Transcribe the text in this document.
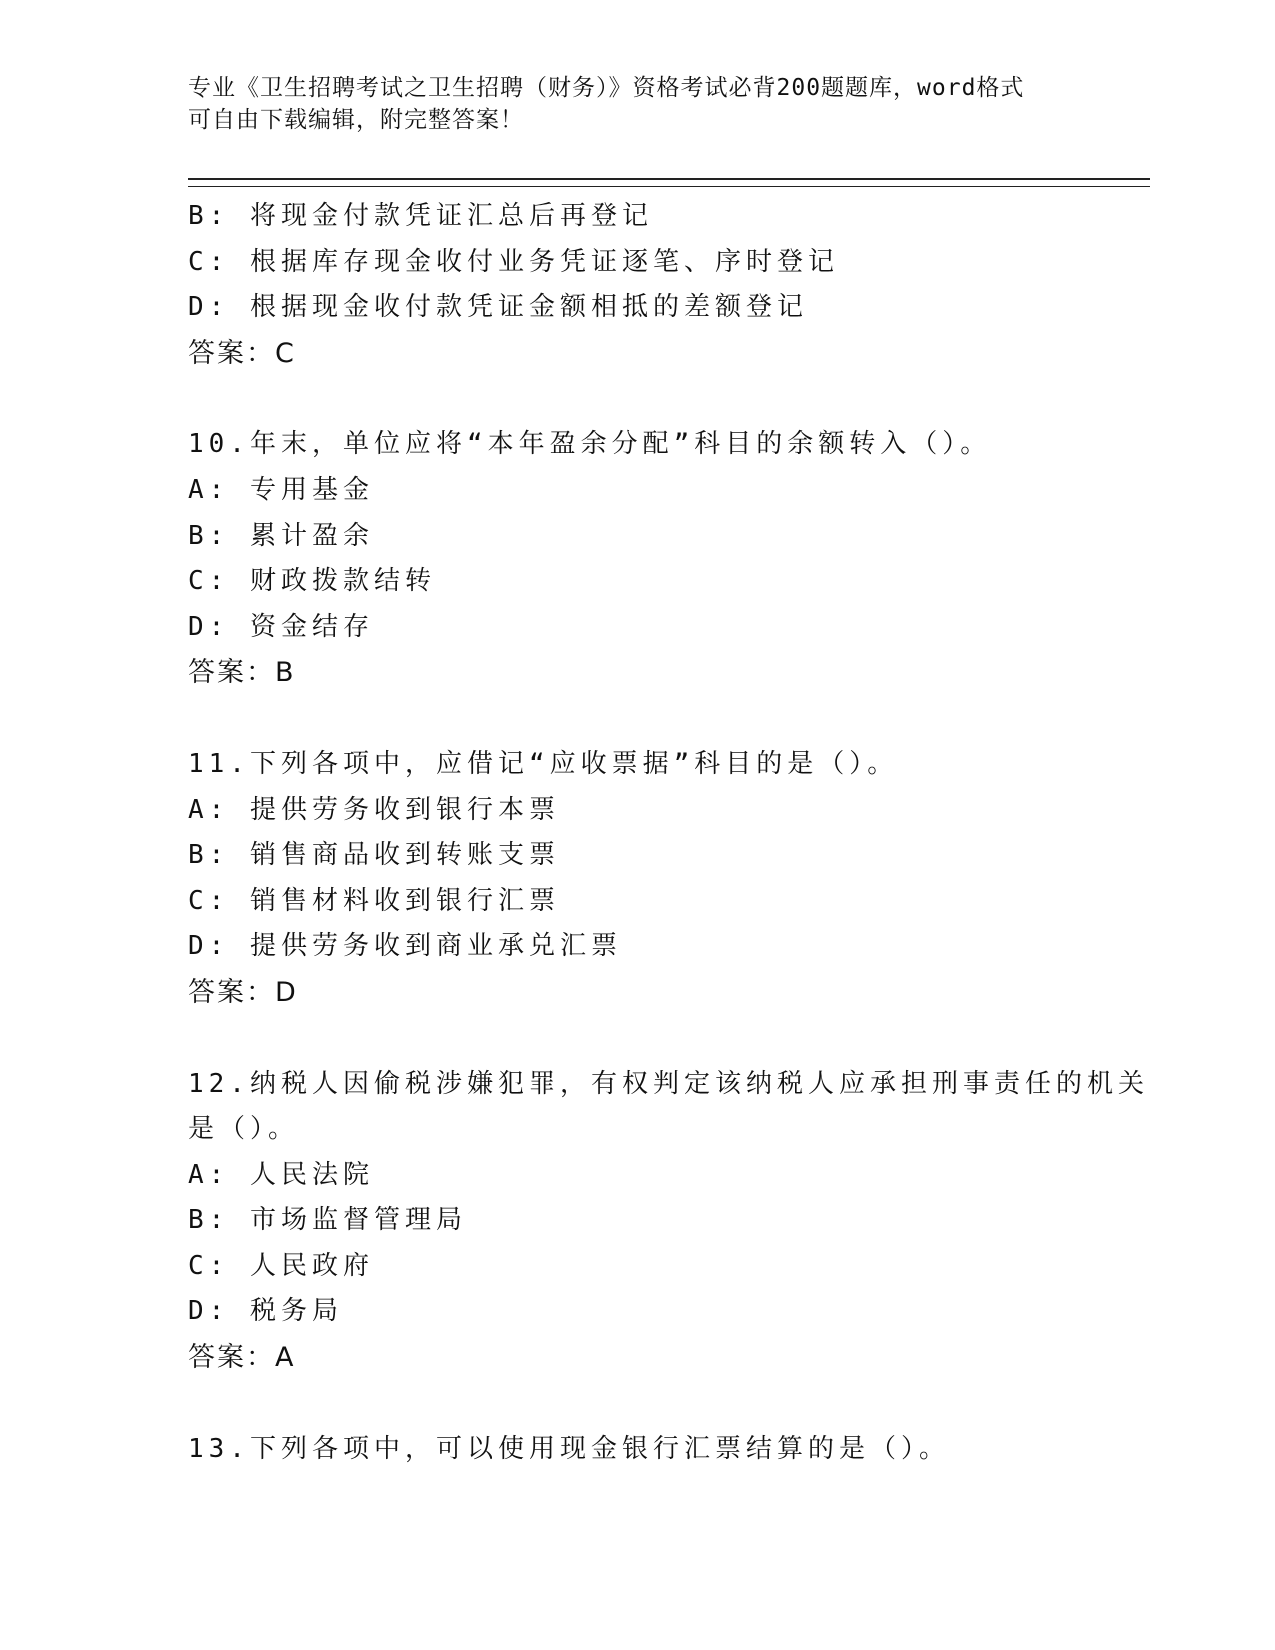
专业《卫生招聘考试之卫生招聘（财务）》资格考试必背200题题库，word格式
可自由下载编辑，附完整答案！
B: 将现金付款凭证汇总后再登记
C: 根据库存现金收付业务凭证逐笔、序时登记
D: 根据现金收付款凭证金额相抵的差额登记
答案：C
10.年末，单位应将“本年盈余分配”科目的余额转入（）。
A: 专用基金
B: 累计盈余
C: 财政拨款结转
D: 资金结存
答案：B
11.下列各项中，应借记“应收票据”科目的是（）。
A: 提供劳务收到银行本票
B: 销售商品收到转账支票
C: 销售材料收到银行汇票
D: 提供劳务收到商业承兑汇票
答案：D
12.纳税人因偷税涉嫌犯罪，有权判定该纳税人应承担刑事责任的机关
是（）。
A: 人民法院
B: 市场监督管理局
C: 人民政府
D: 税务局
答案：A
13.下列各项中，可以使用现金银行汇票结算的是（）。
